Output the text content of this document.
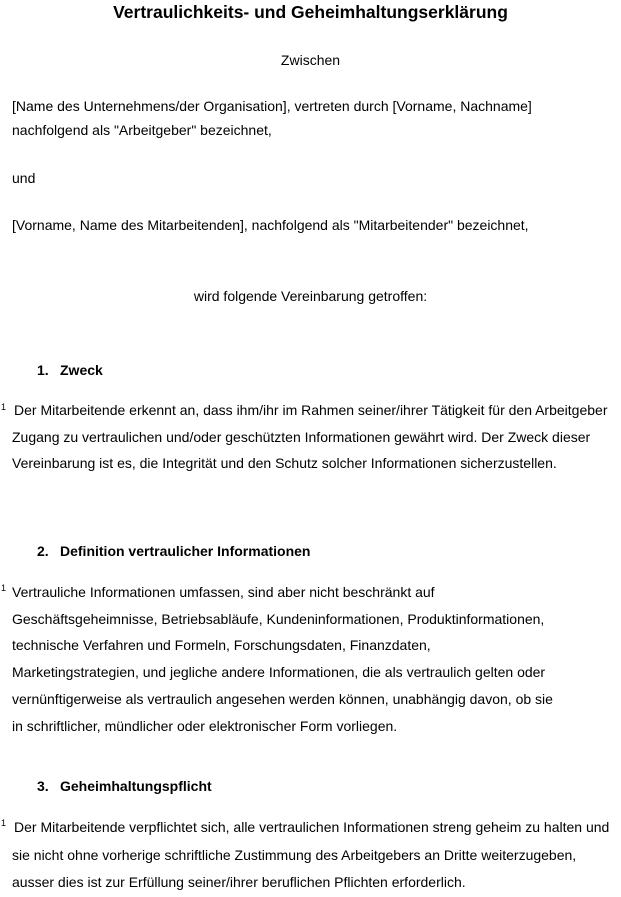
Vertraulichkeits- und Geheimhaltungserklärung
Zwischen
[Name des Unternehmens/der Organisation], vertreten durch [Vorname, Nachname]
nachfolgend als "Arbeitgeber" bezeichnet,
und
[Vorname, Name des Mitarbeitenden], nachfolgend als "Mitarbeitender" bezeichnet,
wird folgende Vereinbarung getroffen:
1. Zweck
1 Der Mitarbeitende erkennt an, dass ihm/ihr im Rahmen seiner/ihrer Tätigkeit für den Arbeitgeber Zugang zu vertraulichen und/oder geschützten Informationen gewährt wird. Der Zweck dieser Vereinbarung ist es, die Integrität und den Schutz solcher Informationen sicherzustellen.

2. Definition vertraulicher Informationen
1 Vertrauliche Informationen umfassen, sind aber nicht beschränkt auf Geschäftsgeheimnisse, Betriebsabläufe, Kundeninformationen, Produktinformationen, technische Verfahren und Formeln, Forschungsdaten, Finanzdaten, Marketingstrategien, und jegliche andere Informationen, die als vertraulich gelten oder vernünftigerweise als vertraulich angesehen werden können, unabhängig davon, ob sie in schriftlicher, mündlicher oder elektronischer Form vorliegen.

3. Geheimhaltungspflicht
1 Der Mitarbeitende verpflichtet sich, alle vertraulichen Informationen streng geheim zu halten und sie nicht ohne vorherige schriftliche Zustimmung des Arbeitgebers an Dritte weiterzugeben, ausser dies ist zur Erfüllung seiner/ihrer beruflichen Pflichten erforderlich.
